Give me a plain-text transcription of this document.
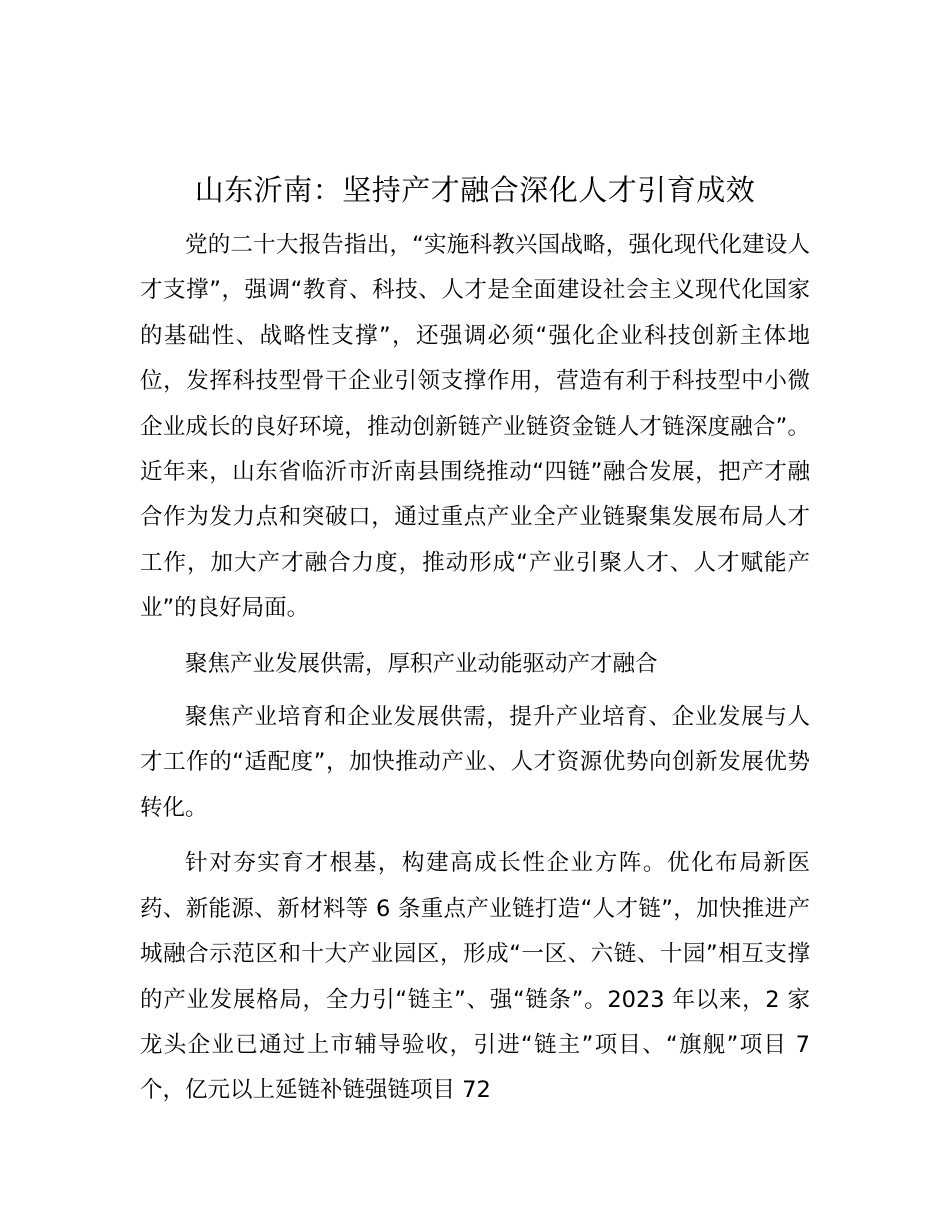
山东沂南：坚持产才融合深化人才引育成效

党的二十大报告指出，“实施科教兴国战略，强化现代化建设人才支撑”，强调“教育、科技、人才是全面建设社会主义现代化国家的基础性、战略性支撑”，还强调必须“强化企业科技创新主体地位，发挥科技型骨干企业引领支撑作用，营造有利于科技型中小微企业成长的良好环境，推动创新链产业链资金链人才链深度融合”。近年来，山东省临沂市沂南县围绕推动“四链”融合发展，把产才融合作为发力点和突破口，通过重点产业全产业链聚集发展布局人才工作，加大产才融合力度，推动形成“产业引聚人才、人才赋能产业”的良好局面。

聚焦产业发展供需，厚积产业动能驱动产才融合

聚焦产业培育和企业发展供需，提升产业培育、企业发展与人才工作的“适配度”，加快推动产业、人才资源优势向创新发展优势转化。

针对夯实育才根基，构建高成长性企业方阵。优化布局新医药、新能源、新材料等 6 条重点产业链打造“人才链”，加快推进产城融合示范区和十大产业园区，形成“一区、六链、十园”相互支撑的产业发展格局，全力引“链主”、强“链条”。2023 年以来，2 家龙头企业已通过上市辅导验收，引进“链主”项目、“旗舰”项目 7 个，亿元以上延链补链强链项目 72
